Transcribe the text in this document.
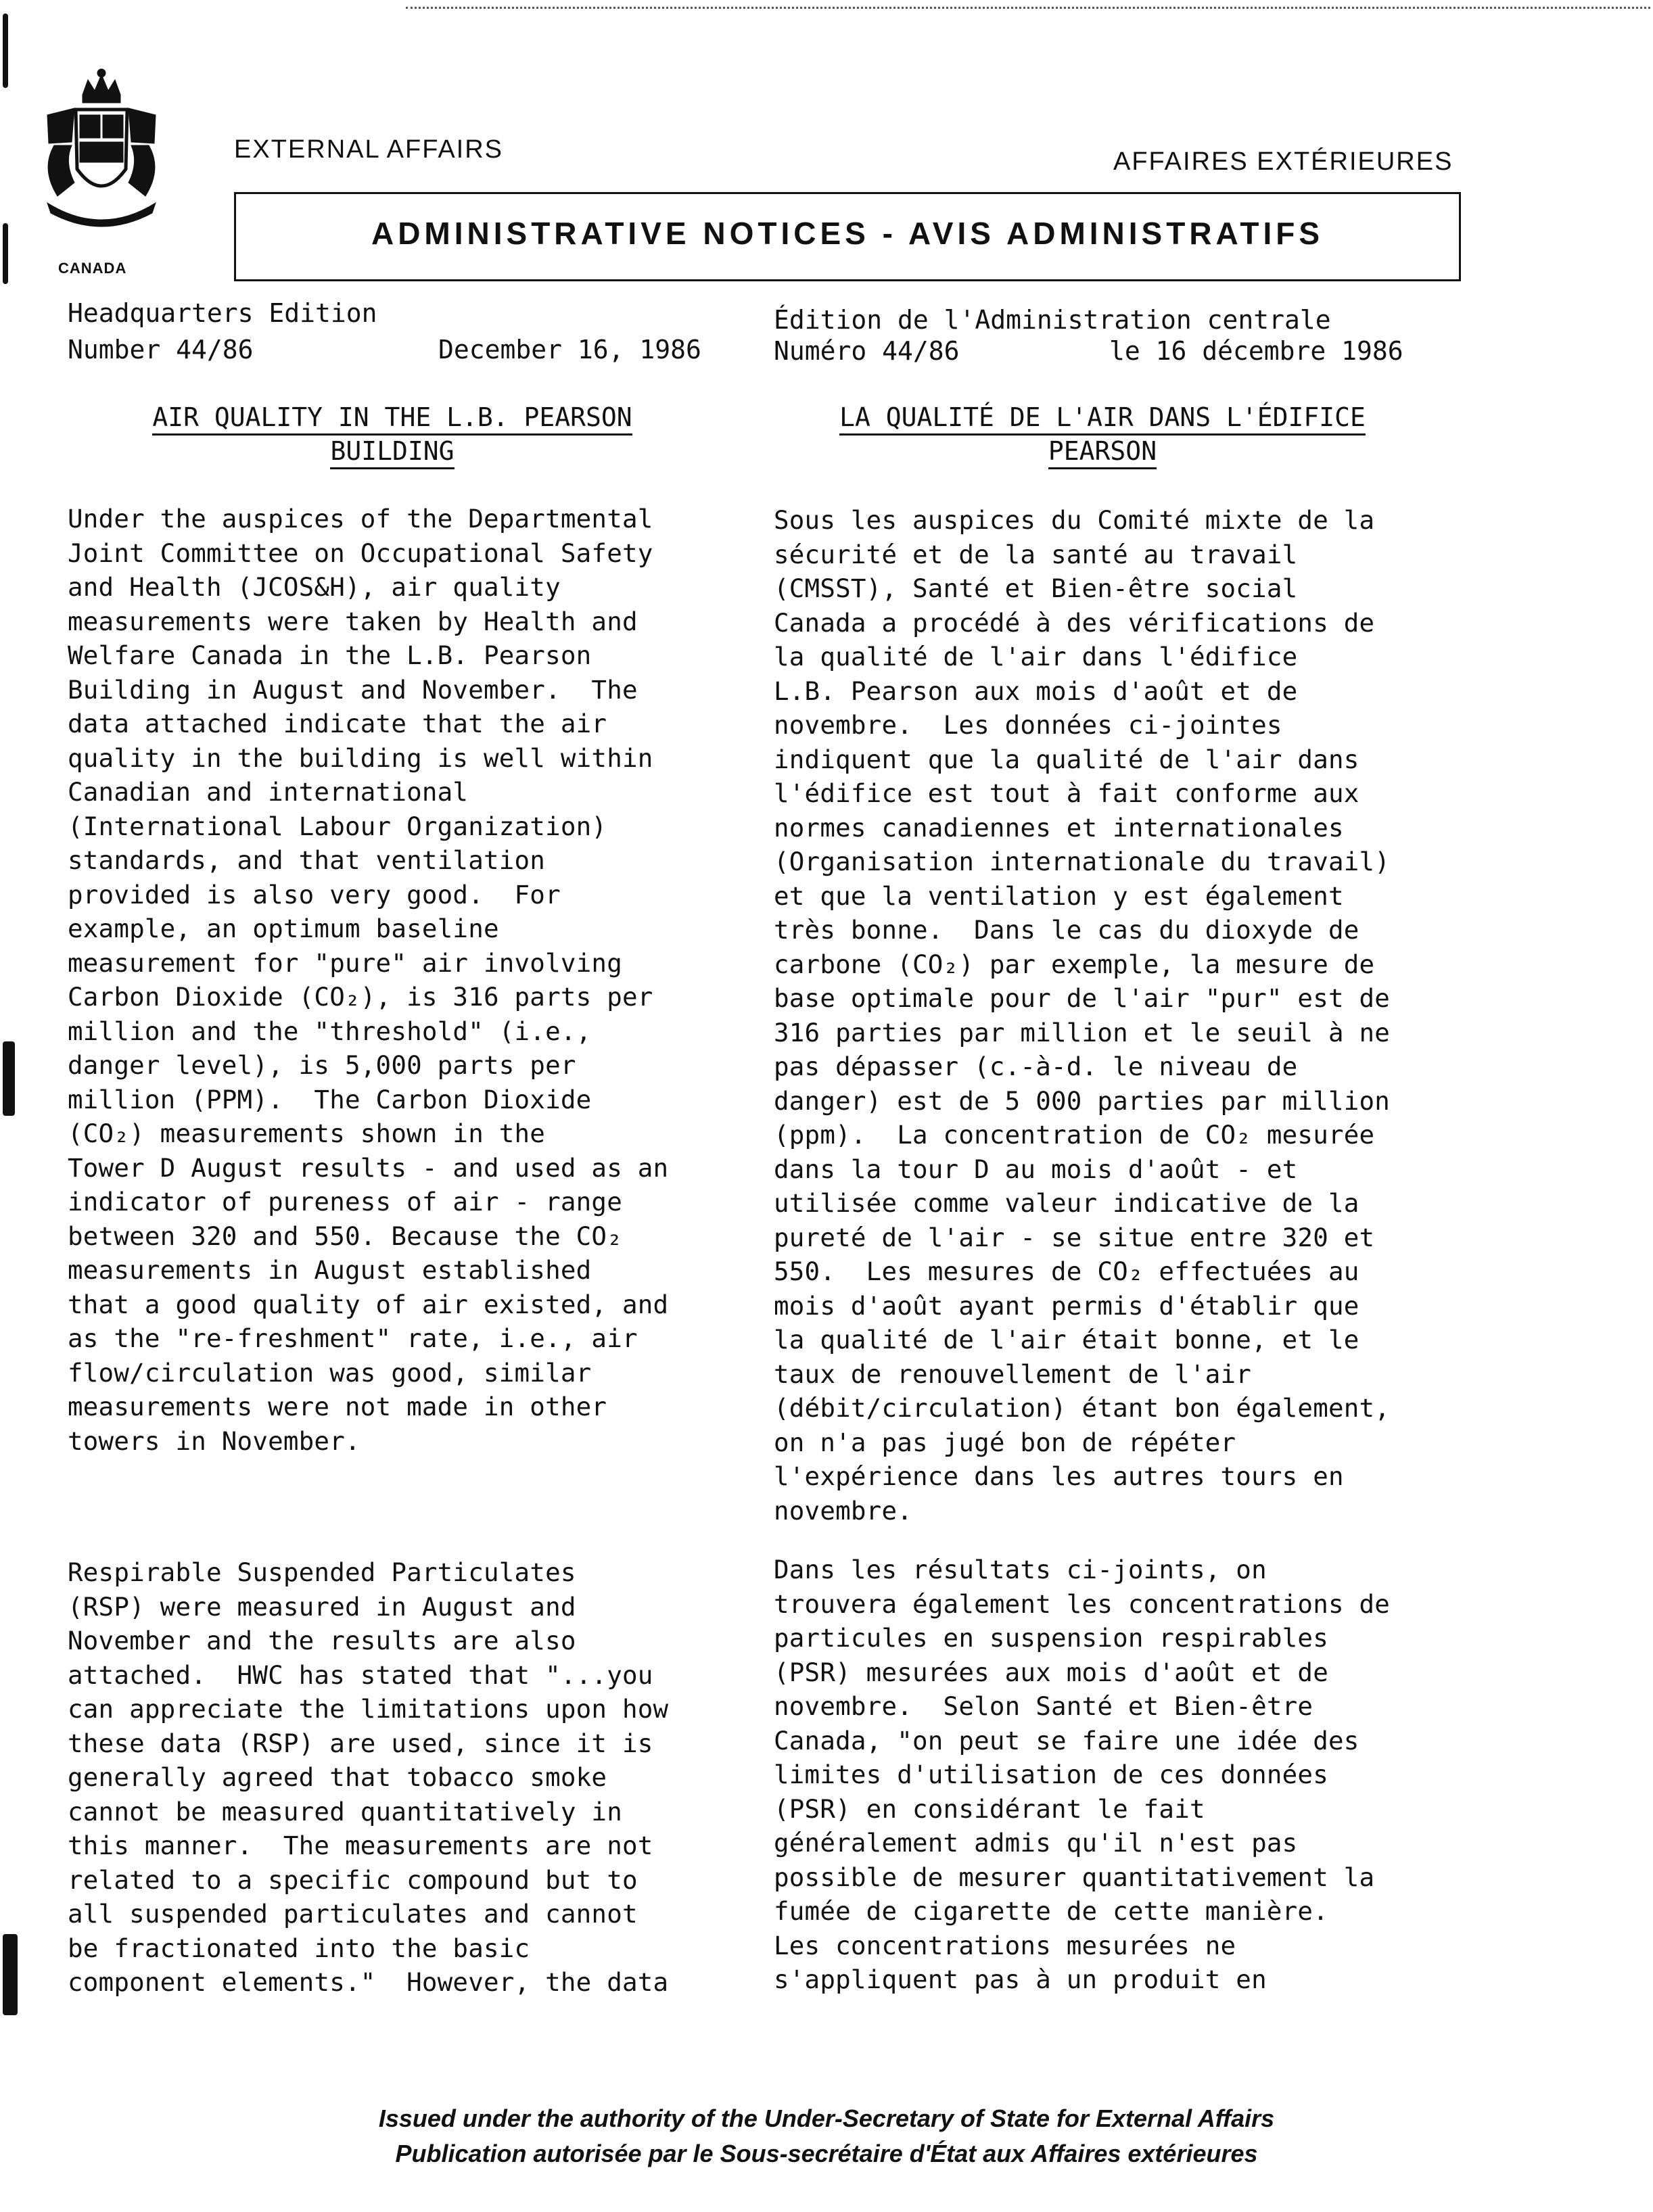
CANADA
EXTERNAL AFFAIRS	AFFAIRES EXTÉRIEURES
ADMINISTRATIVE NOTICES - AVIS ADMINISTRATIFS
Headquarters Edition
Number 44/86	December 16, 1986
Édition de l'Administration centrale
Numéro 44/86	le 16 décembre 1986
AIR QUALITY IN THE L.B. PEARSON
BUILDING
LA QUALITÉ DE L'AIR DANS L'ÉDIFICE
PEARSON
Under the auspices of the Departmental
Joint Committee on Occupational Safety
and Health (JCOS&H), air quality
measurements were taken by Health and
Welfare Canada in the L.B. Pearson
Building in August and November.  The
data attached indicate that the air
quality in the building is well within
Canadian and international
(International Labour Organization)
standards, and that ventilation
provided is also very good.  For
example, an optimum baseline
measurement for "pure" air involving
Carbon Dioxide (CO₂), is 316 parts per
million and the "threshold" (i.e.,
danger level), is 5,000 parts per
million (PPM).  The Carbon Dioxide
(CO₂) measurements shown in the
Tower D August results - and used as an
indicator of pureness of air - range
between 320 and 550. Because the CO₂
measurements in August established
that a good quality of air existed, and
as the "re-freshment" rate, i.e., air
flow/circulation was good, similar
measurements were not made in other
towers in November.
Sous les auspices du Comité mixte de la
sécurité et de la santé au travail
(CMSST), Santé et Bien-être social
Canada a procédé à des vérifications de
la qualité de l'air dans l'édifice
L.B. Pearson aux mois d'août et de
novembre.  Les données ci-jointes
indiquent que la qualité de l'air dans
l'édifice est tout à fait conforme aux
normes canadiennes et internationales
(Organisation internationale du travail)
et que la ventilation y est également
très bonne.  Dans le cas du dioxyde de
carbone (CO₂) par exemple, la mesure de
base optimale pour de l'air "pur" est de
316 parties par million et le seuil à ne
pas dépasser (c.-à-d. le niveau de
danger) est de 5 000 parties par million
(ppm).  La concentration de CO₂ mesurée
dans la tour D au mois d'août - et
utilisée comme valeur indicative de la
pureté de l'air - se situe entre 320 et
550.  Les mesures de CO₂ effectuées au
mois d'août ayant permis d'établir que
la qualité de l'air était bonne, et le
taux de renouvellement de l'air
(débit/circulation) étant bon également,
on n'a pas jugé bon de répéter
l'expérience dans les autres tours en
novembre.
Respirable Suspended Particulates
(RSP) were measured in August and
November and the results are also
attached.  HWC has stated that "...you
can appreciate the limitations upon how
these data (RSP) are used, since it is
generally agreed that tobacco smoke
cannot be measured quantitatively in
this manner.  The measurements are not
related to a specific compound but to
all suspended particulates and cannot
be fractionated into the basic
component elements."  However, the data
Dans les résultats ci-joints, on
trouvera également les concentrations de
particules en suspension respirables
(PSR) mesurées aux mois d'août et de
novembre.  Selon Santé et Bien-être
Canada, "on peut se faire une idée des
limites d'utilisation de ces données
(PSR) en considérant le fait
généralement admis qu'il n'est pas
possible de mesurer quantitativement la
fumée de cigarette de cette manière.
Les concentrations mesurées ne
s'appliquent pas à un produit en
Issued under the authority of the Under-Secretary of State for External Affairs
Publication autorisée par le Sous-secrétaire d'État aux Affaires extérieures
